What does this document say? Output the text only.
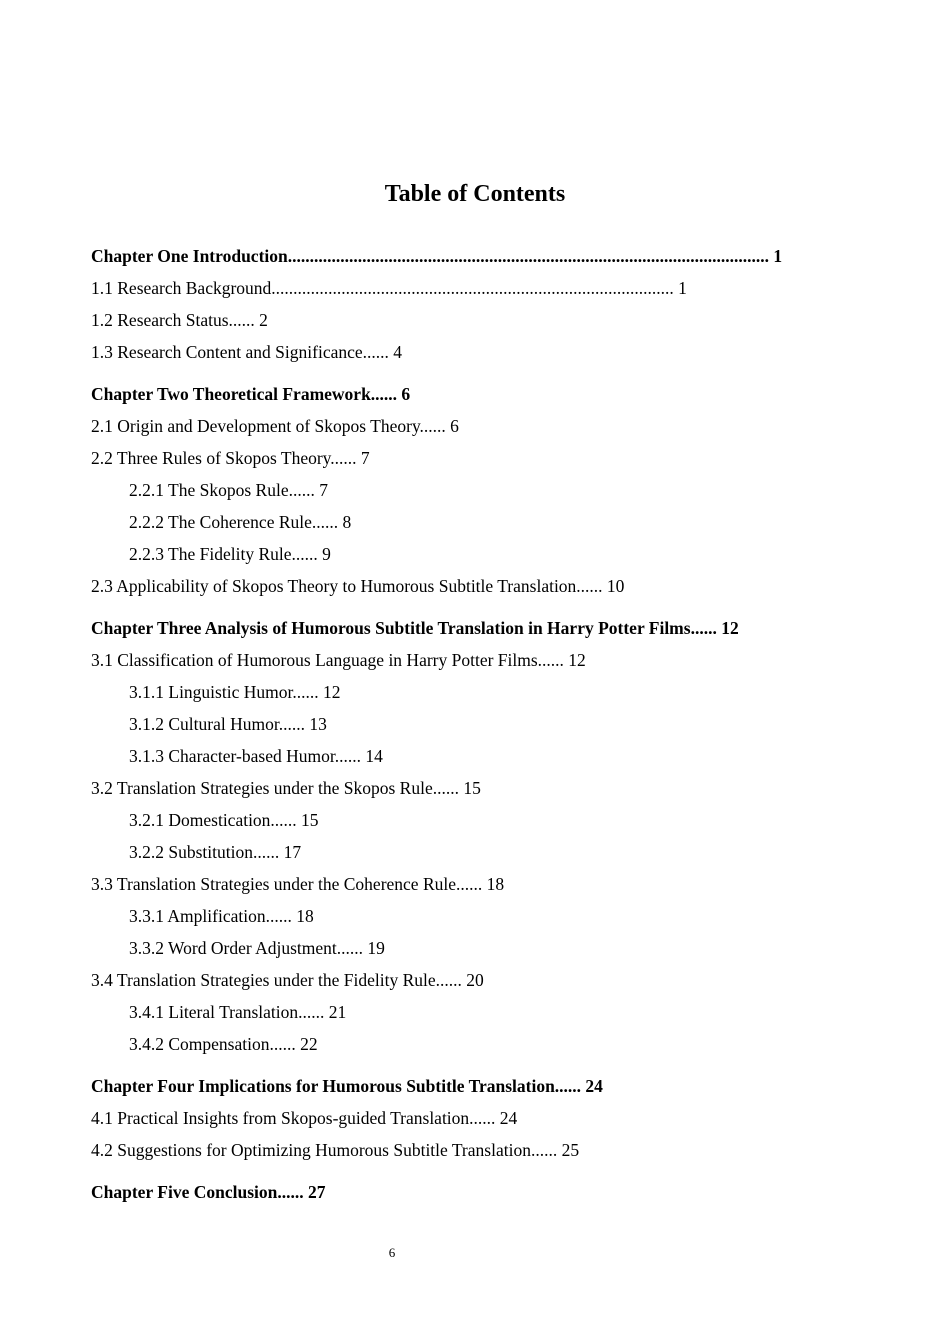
Table of Contents
Chapter One Introduction.............................................................................................................. 1
1.1 Research Background............................................................................................ 1
1.2 Research Status...... 2
1.3 Research Content and Significance...... 4
Chapter Two Theoretical Framework...... 6
2.1 Origin and Development of Skopos Theory...... 6
2.2 Three Rules of Skopos Theory...... 7
2.2.1 The Skopos Rule...... 7
2.2.2 The Coherence Rule...... 8
2.2.3 The Fidelity Rule...... 9
2.3 Applicability of Skopos Theory to Humorous Subtitle Translation...... 10
Chapter Three Analysis of Humorous Subtitle Translation in Harry Potter Films...... 12
3.1 Classification of Humorous Language in Harry Potter Films...... 12
3.1.1 Linguistic Humor...... 12
3.1.2 Cultural Humor...... 13
3.1.3 Character-based Humor...... 14
3.2 Translation Strategies under the Skopos Rule...... 15
3.2.1 Domestication...... 15
3.2.2 Substitution...... 17
3.3 Translation Strategies under the Coherence Rule...... 18
3.3.1 Amplification...... 18
3.3.2 Word Order Adjustment...... 19
3.4 Translation Strategies under the Fidelity Rule...... 20
3.4.1 Literal Translation...... 21
3.4.2 Compensation...... 22
Chapter Four Implications for Humorous Subtitle Translation...... 24
4.1 Practical Insights from Skopos-guided Translation...... 24
4.2 Suggestions for Optimizing Humorous Subtitle Translation...... 25
Chapter Five Conclusion...... 27
6
